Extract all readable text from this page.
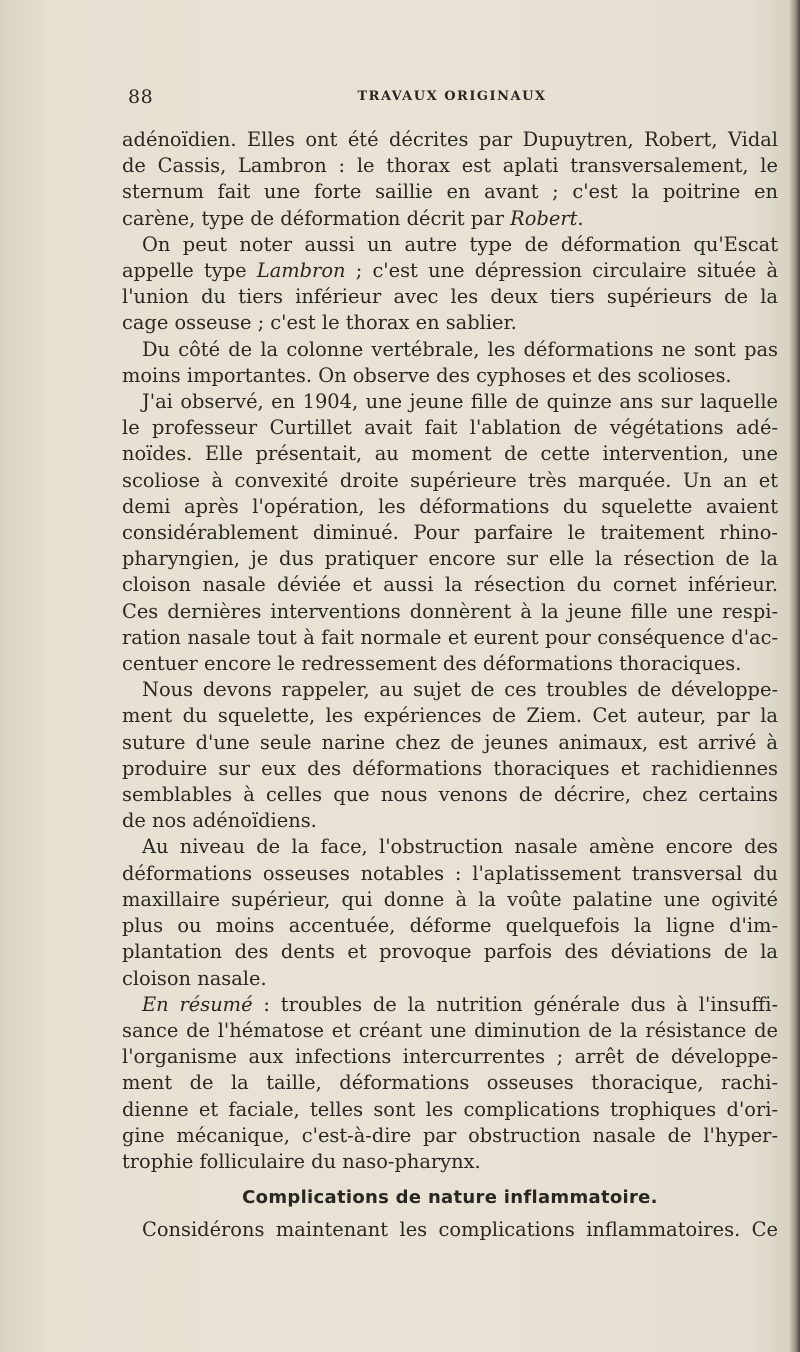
88	TRAVAUX ORIGINAUX
adénoïdien. Elles ont été décrites par Dupuytren, Robert, Vidal
de Cassis, Lambron : le thorax est aplati transversalement, le
sternum fait une forte saillie en avant ; c'est la poitrine en
carène, type de déformation décrit par Robert.
On peut noter aussi un autre type de déformation qu'Escat
appelle type Lambron ; c'est une dépression circulaire située à
l'union du tiers inférieur avec les deux tiers supérieurs de la
cage osseuse ; c'est le thorax en sablier.
Du côté de la colonne vertébrale, les déformations ne sont pas
moins importantes. On observe des cyphoses et des scolioses.
J'ai observé, en 1904, une jeune fille de quinze ans sur laquelle
le professeur Curtillet avait fait l'ablation de végétations adé-
noïdes. Elle présentait, au moment de cette intervention, une
scoliose à convexité droite supérieure très marquée. Un an et
demi après l'opération, les déformations du squelette avaient
considérablement diminué. Pour parfaire le traitement rhino-
pharyngien, je dus pratiquer encore sur elle la résection de la
cloison nasale déviée et aussi la résection du cornet inférieur.
Ces dernières interventions donnèrent à la jeune fille une respi-
ration nasale tout à fait normale et eurent pour conséquence d'ac-
centuer encore le redressement des déformations thoraciques.
Nous devons rappeler, au sujet de ces troubles de développe-
ment du squelette, les expériences de Ziem. Cet auteur, par la
suture d'une seule narine chez de jeunes animaux, est arrivé à
produire sur eux des déformations thoraciques et rachidiennes
semblables à celles que nous venons de décrire, chez certains
de nos adénoïdiens.
Au niveau de la face, l'obstruction nasale amène encore des
déformations osseuses notables : l'aplatissement transversal du
maxillaire supérieur, qui donne à la voûte palatine une ogivité
plus ou moins accentuée, déforme quelquefois la ligne d'im-
plantation des dents et provoque parfois des déviations de la
cloison nasale.
En résumé : troubles de la nutrition générale dus à l'insuffi-
sance de l'hématose et créant une diminution de la résistance de
l'organisme aux infections intercurrentes ; arrêt de développe-
ment de la taille, déformations osseuses thoracique, rachi-
dienne et faciale, telles sont les complications trophiques d'ori-
gine mécanique, c'est-à-dire par obstruction nasale de l'hyper-
trophie folliculaire du naso-pharynx.
Complications de nature inflammatoire.
Considérons maintenant les complications inflammatoires. Ce
